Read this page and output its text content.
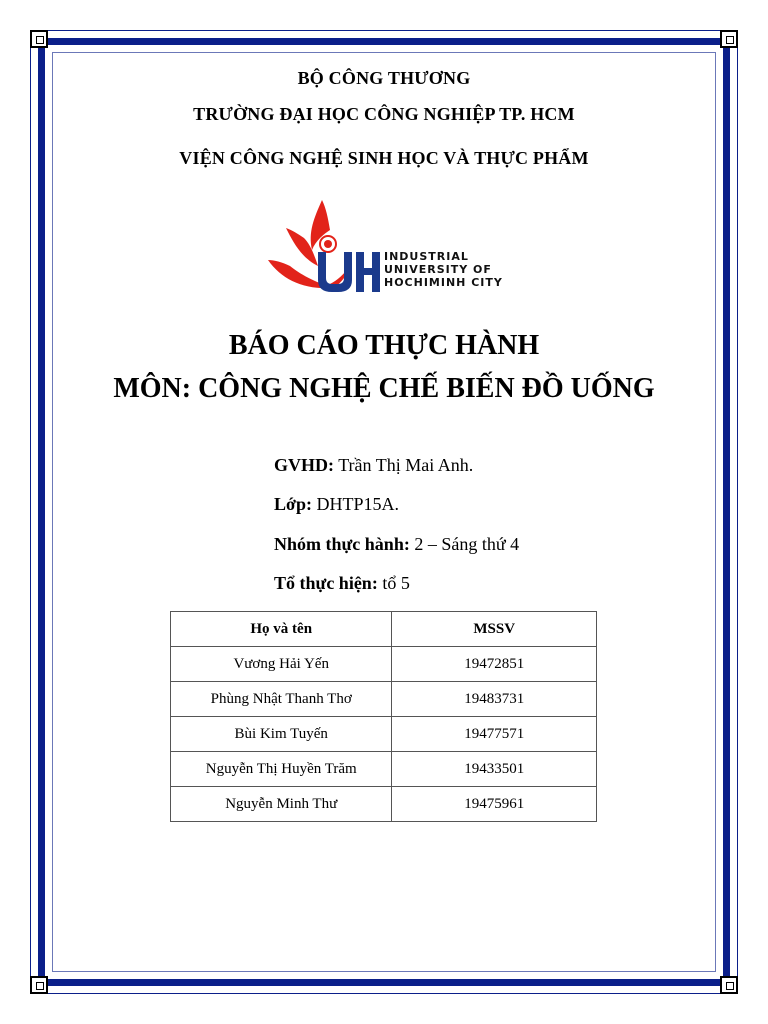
BỘ CÔNG THƯƠNG
TRƯỜNG ĐẠI HỌC CÔNG NGHIỆP TP. HCM
VIỆN CÔNG NGHỆ SINH HỌC VÀ THỰC PHẨM
INDUSTRIAL
UNIVERSITY OF
HOCHIMINH CITY
BÁO CÁO THỰC HÀNH
MÔN: CÔNG NGHỆ CHẾ BIẾN ĐỒ UỐNG
GVHD: Trần Thị Mai Anh.
Lớp: DHTP15A.
Nhóm thực hành: 2 – Sáng thứ 4
Tổ thực hiện: tổ 5
Họ và tên	MSSV
Vương Hải Yến	19472851
Phùng Nhật Thanh Thơ	19483731
Bùi Kim Tuyến	19477571
Nguyễn Thị Huyền Trăm	19433501
Nguyễn Minh Thư	19475961
